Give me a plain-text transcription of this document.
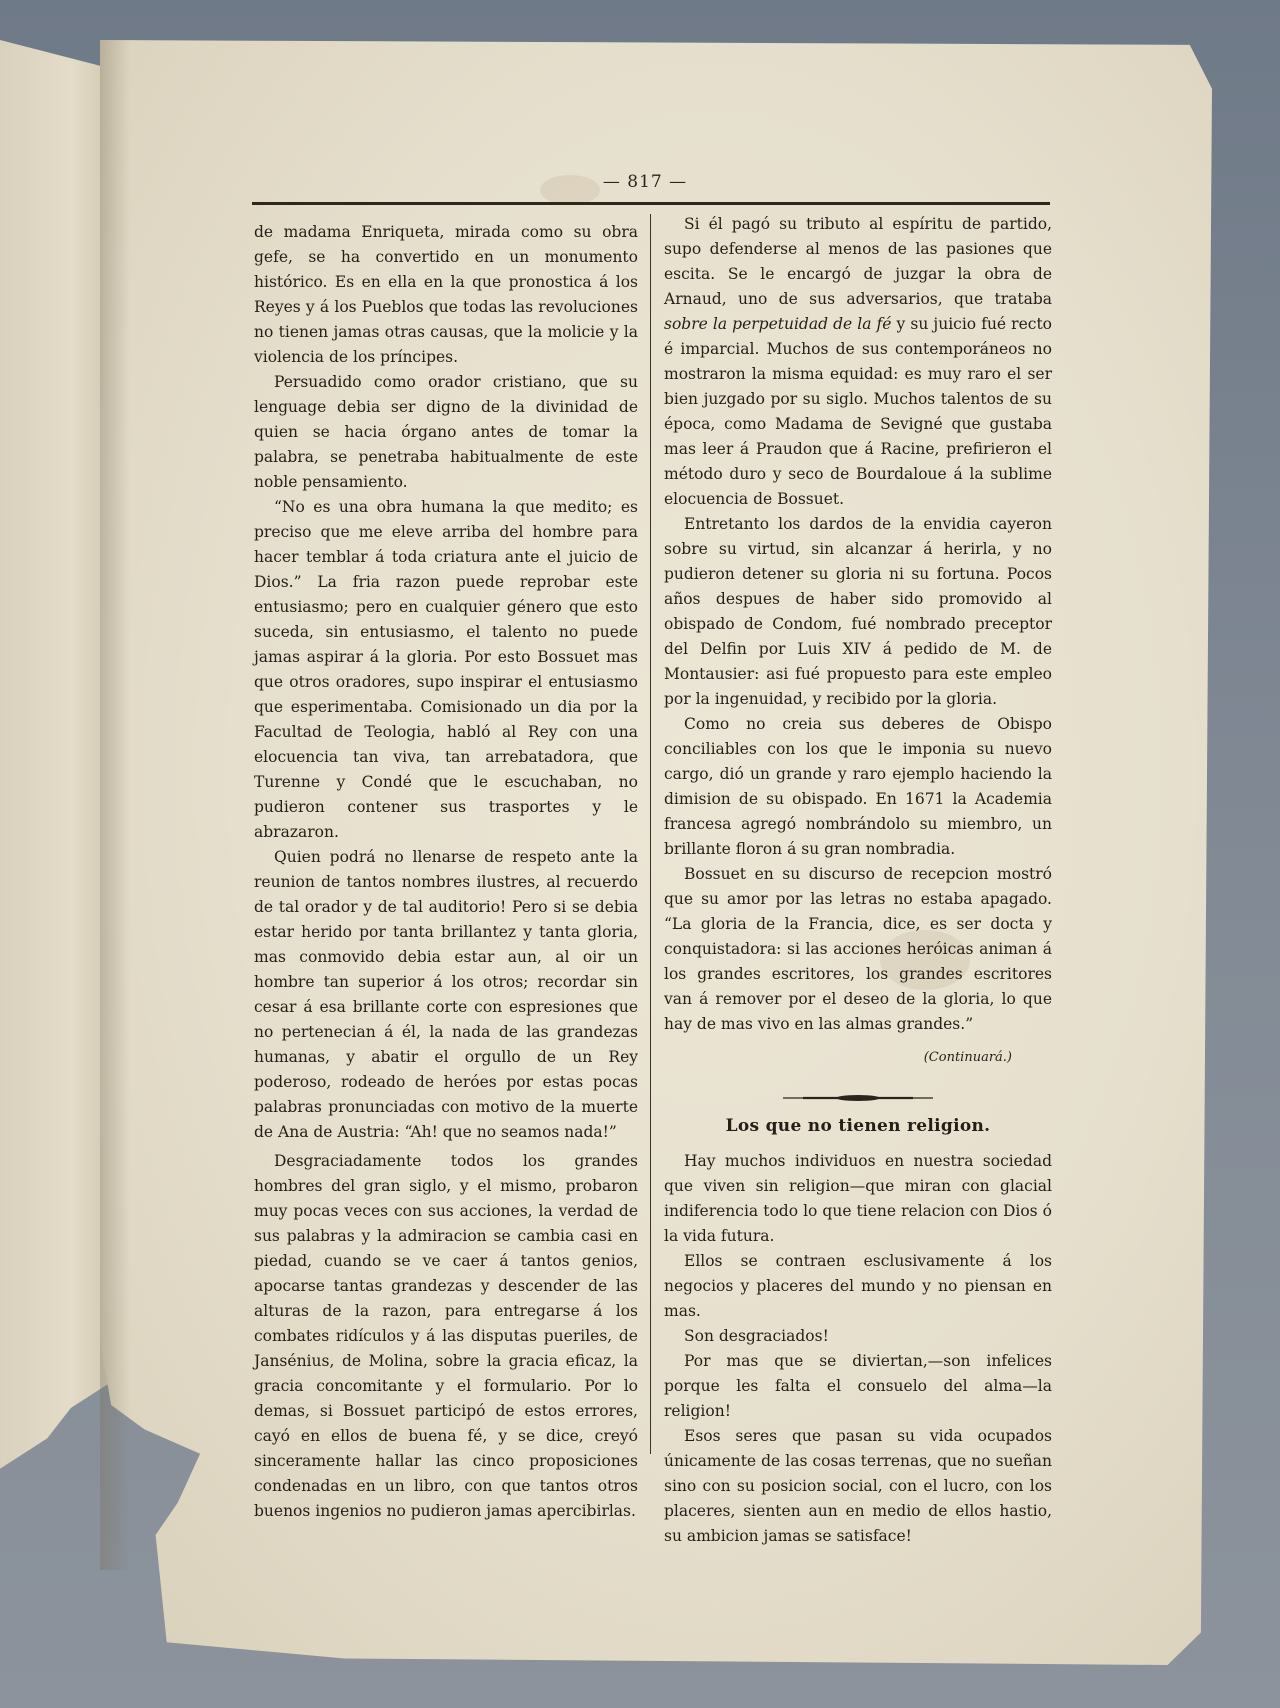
— 817 —

de madama Enriqueta, mirada como su obra gefe, se ha convertido en un monumento histórico. Es en ella en la que pronostica á los Reyes y á los Pueblos que todas las revoluciones no tienen jamas otras causas, que la molicie y la violencia de los príncipes.

Persuadido como orador cristiano, que su lenguage debia ser digno de la divinidad de quien se hacia órgano antes de tomar la palabra, se penetraba habitualmente de este noble pensamiento.

“No es una obra humana la que medito; es preciso que me eleve arriba del hombre para hacer temblar á toda criatura ante el juicio de Dios.” La fria razon puede reprobar este entusiasmo; pero en cualquier género que esto suceda, sin entusiasmo, el talento no puede jamas aspirar á la gloria. Por esto Bossuet mas que otros oradores, supo inspirar el entusiasmo que esperimentaba. Comisionado un dia por la Facultad de Teologia, habló al Rey con una elocuencia tan viva, tan arrebatadora, que Turenne y Condé que le escuchaban, no pudieron contener sus trasportes y le abrazaron.

Quien podrá no llenarse de respeto ante la reunion de tantos nombres ilustres, al recuerdo de tal orador y de tal auditorio! Pero si se debia estar herido por tanta brillantez y tanta gloria, mas conmovido debia estar aun, al oir un hombre tan superior á los otros; recordar sin cesar á esa brillante corte con espresiones que no pertenecian á él, la nada de las grandezas humanas, y abatir el orgullo de un Rey poderoso, rodeado de heróes por estas pocas palabras pronunciadas con motivo de la muerte de Ana de Austria: “Ah! que no seamos nada!”

Desgraciadamente todos los grandes hombres del gran siglo, y el mismo, probaron muy pocas veces con sus acciones, la verdad de sus palabras y la admiracion se cambia casi en piedad, cuando se ve caer á tantos genios, apocarse tantas grandezas y descender de las alturas de la razon, para entregarse á los combates ridículos y á las disputas pueriles, de Jansénius, de Molina, sobre la gracia eficaz, la gracia concomitante y el formulario. Por lo demas, si Bossuet participó de estos errores, cayó en ellos de buena fé, y se dice, creyó sinceramente hallar las cinco proposiciones condenadas en un libro, con que tantos otros buenos ingenios no pudieron jamas apercibirlas.

Si él pagó su tributo al espíritu de partido, supo defenderse al menos de las pasiones que escita. Se le encargó de juzgar la obra de Arnaud, uno de sus adversarios, que trataba sobre la perpetuidad de la fé y su juicio fué recto é imparcial. Muchos de sus contemporáneos no mostraron la misma equidad: es muy raro el ser bien juzgado por su siglo. Muchos talentos de su época, como Madama de Sevigné que gustaba mas leer á Praudon que á Racine, prefirieron el método duro y seco de Bourdaloue á la sublime elocuencia de Bossuet.

Entretanto los dardos de la envidia cayeron sobre su virtud, sin alcanzar á herirla, y no pudieron detener su gloria ni su fortuna. Pocos años despues de haber sido promovido al obispado de Condom, fué nombrado preceptor del Delfin por Luis XIV á pedido de M. de Montausier: asi fué propuesto para este empleo por la ingenuidad, y recibido por la gloria.

Como no creia sus deberes de Obispo conciliables con los que le imponia su nuevo cargo, dió un grande y raro ejemplo haciendo la dimision de su obispado. En 1671 la Academia francesa agregó nombrándolo su miembro, un brillante floron á su gran nombradia.

Bossuet en su discurso de recepcion mostró que su amor por las letras no estaba apagado. “La gloria de la Francia, dice, es ser docta y conquistadora: si las acciones heróicas animan á los grandes escritores, los grandes escritores van á remover por el deseo de la gloria, lo que hay de mas vivo en las almas grandes.”

(Continuará.)
Los que no tienen religion.

Hay muchos individuos en nuestra sociedad que viven sin religion—que miran con glacial indiferencia todo lo que tiene relacion con Dios ó la vida futura.

Ellos se contraen esclusivamente á los negocios y placeres del mundo y no piensan en mas.

Son desgraciados!

Por mas que se diviertan,—son infelices porque les falta el consuelo del alma—la religion!

Esos seres que pasan su vida ocupados únicamente de las cosas terrenas, que no sueñan sino con su posicion social, con el lucro, con los placeres, sienten aun en medio de ellos hastio, su ambicion jamas se satisface!
